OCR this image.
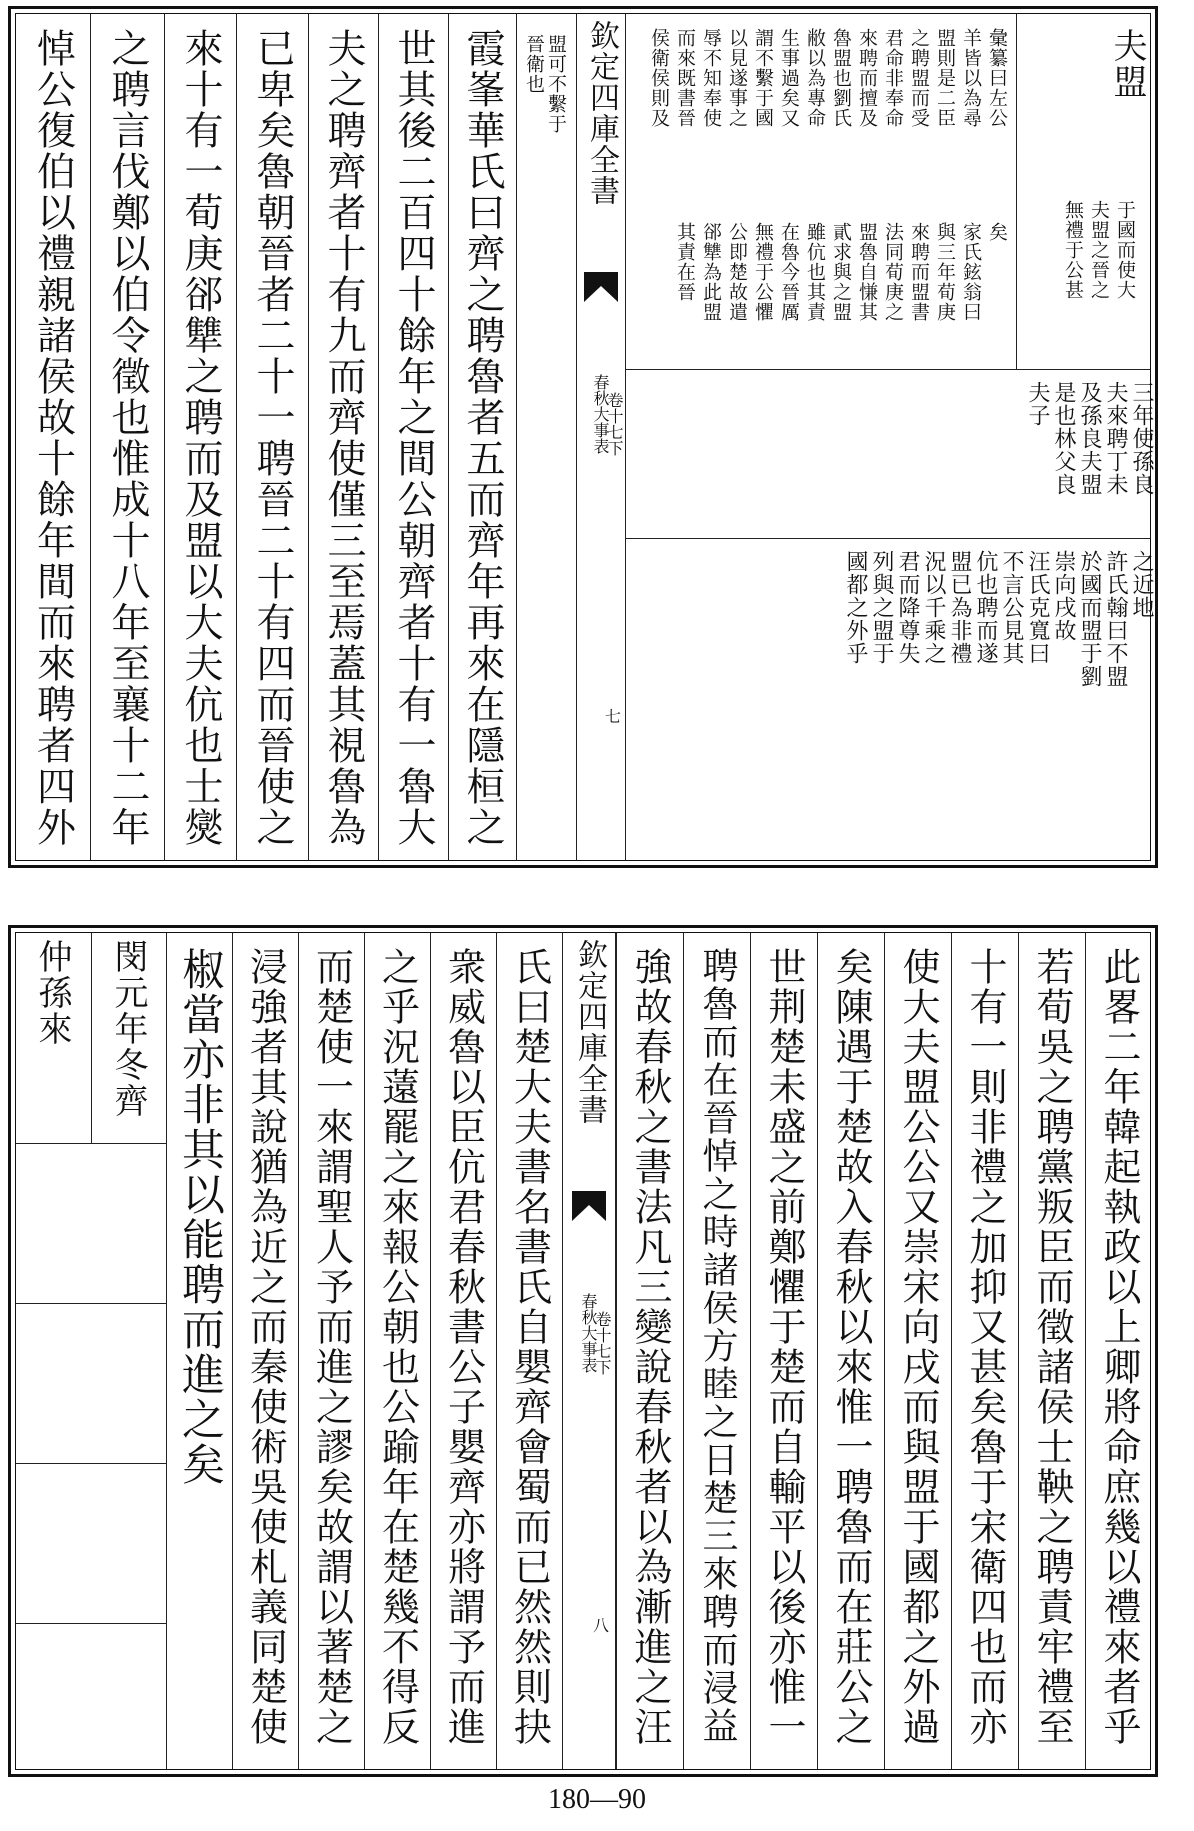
悼公復伯以禮親諸侯故十餘年間而來聘者四外 之聘言伐鄭以伯令徵也惟成十八年至襄十二年 來十有一荀庚郤犨之聘而及盟以大夫伉也士爕 已卑矣魯朝晉者二十一聘晉二十有四而晉使之 夫之聘齊者十有九而齊使僅三至焉蓋其視魯為 世其後二百四十餘年之間公朝齊者十有一魯大 霞峯華氏曰齊之聘魯者五而齊年再來在隱桓之 盟可不繫于
晉衛也 欽定四庫全書
春秋大事表
卷十七下
七
彙纂曰左公
羊皆以為尋
盟則是二臣
之聘盟而受
君命非奉命
來聘而擅及
魯盟也劉氏
敝以為專命
生事過矣又
謂不繫于國
以見遂事之
辱不知奉使
而來既書晉
侯衛侯則及
矣
家氏鉉翁曰
與三年荀庚
來聘而盟書
法同荀庚之
盟魯自慊其
貳求與之盟
雖伉也其責
在魯今晉厲
無禮于公懼
公即楚故遣
郤犨為此盟
其責在晉
夫盟
于國而使大
夫盟之晉之
無禮于公甚
三年使孫良
夫來聘丁未
及孫良夫盟
是也林父良
夫子
之近地
許氏翰曰不盟
於國而盟于劉
崇向戌故
汪氏克寬曰
不言公見其
伉也聘而遂
盟已為非禮
況以千乘之
君而降尊失
列與之盟于
國都之外乎
閔元年冬齊
仲孫來 椒當亦非其以能聘而進之矣 浸強者其說猶為近之而秦使術吳使札義同楚使 而楚使一來謂聖人予而進之謬矣故謂以著楚之 之乎況薳罷之來報公朝也公踰年在楚幾不得反 衆威魯以臣伉君春秋書公子嬰齊亦將謂予而進 氏曰楚大夫書名書氏自嬰齊會蜀而已然然則抉 欽定四庫全書
春秋大事表
卷十七下
八 強故春秋之書法凡三變說春秋者以為漸進之汪 聘魯而在晉悼之時諸侯方睦之日楚三來聘而浸益 世荆楚未盛之前鄭懼于楚而自輸平以後亦惟一 矣陳遇于楚故入春秋以來惟一聘魯而在莊公之 使大夫盟公公又崇宋向戌而與盟于國都之外過 十有一則非禮之加抑又甚矣魯于宋衛四也而亦 若荀吳之聘黨叛臣而徵諸侯士鞅之聘責牢禮至 此畧二年韓起執政以上卿將命庶幾以禮來者乎
180—90
